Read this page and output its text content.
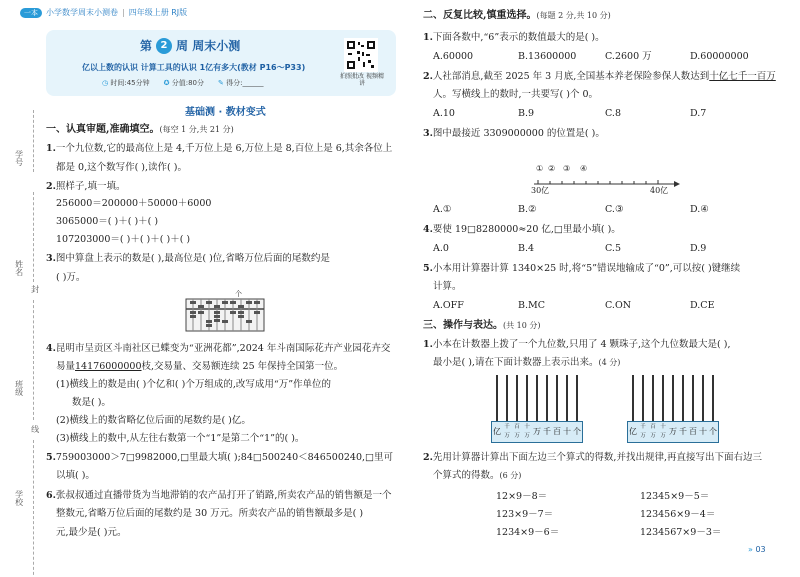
一本	小学数学周末小测卷 | 四年级上册 RJ版
学号
姓名
封
班级
线
学校
第 2 周 周末小测
亿以上数的认识 计算工具的认识 1亿有多大(教材 P16～P33)
◷ 时间:45分钟 ✪ 分值:80分 ✎ 得分:______
拍照批改 视频精讲
基础测 · 教材变式
一、认真审题,准确填空。(每空 1 分,共 21 分)
1.一个九位数,它的最高位上是 4,千万位上是 6,万位上是 8,百位上是 6,其余各位上
都是 0,这个数写作( ),读作( )。
2.照样子,填一填。
256000＝200000＋50000＋6000
3065000＝( )＋( )＋( )
107203000＝( )＋( )＋( )＋( )
3.图中算盘上表示的数是( ),最高位是( )位,省略万位后面的尾数约是
( )万。
个
4.昆明市呈贡区斗南社区已蝶变为“亚洲花都”,2024 年斗南国际花卉产业园花卉交
易量14176000000枝,交易量、交易额连续 25 年保持全国第一位。
(1)横线上的数是由( )个亿和( )个万组成的,改写成用“万”作单位的
数是( )。
(2)横线上的数省略亿位后面的尾数约是( )亿。
(3)横线上的数中,从左往右数第一个“1”是第二个“1”的( )。
5.759003000＞7□9982000,□里最大填( );84□500240＜846500240,□里可
以填( )。
6.张叔叔通过直播带货为当地滞销的农产品打开了销路,所卖农产品的销售额是一个
整数元,省略万位后面的尾数约是 30 万元。所卖农产品的销售额最多是( )
元,最少是( )元。
二、反复比较,慎重选择。(每题 2 分,共 10 分)
1.下面各数中,“6”表示的数值最大的是( )。
A.60000	B.13600000	C.2600 万	D.60000000
2.人社部消息,截至 2025 年 3 月底,全国基本养老保险参保人数达到十亿七千一百万
人。写横线上的数时,一共要写( )个 0。
A.10	B.9	C.8	D.7
3.图中最接近 3309000000 的位置是( )。
30亿	40亿
① ② ③ ④
A.①	B.②	C.③	D.④
4.要使 19□8280000≈20 亿,□里最小填( )。
A.0	B.4	C.5	D.9
5.小本用计算器计算 1340×25 时,将“5”错误地输成了“0”,可以按( )键继续
计算。
A.OFF	B.MC	C.ON	D.CE
三、操作与表达。(共 10 分)
1.小本在计数器上拨了一个九位数,只用了 4 颗珠子,这个九位数最大是( ),
最小是( ),请在下面计数器上表示出来。(4 分)
亿 千万
百万
十万 万 千 百 十 个	亿 千万
百万
十万 万 千 百 十 个
2.先用计算器计算出下面左边三个算式的得数,并找出规律,再直接写出下面右边三
个算式的得数。(6 分)
12×9－8＝	12345×9－5＝
123×9－7＝	123456×9－4＝
1234×9－6＝	1234567×9－3＝
» 03
